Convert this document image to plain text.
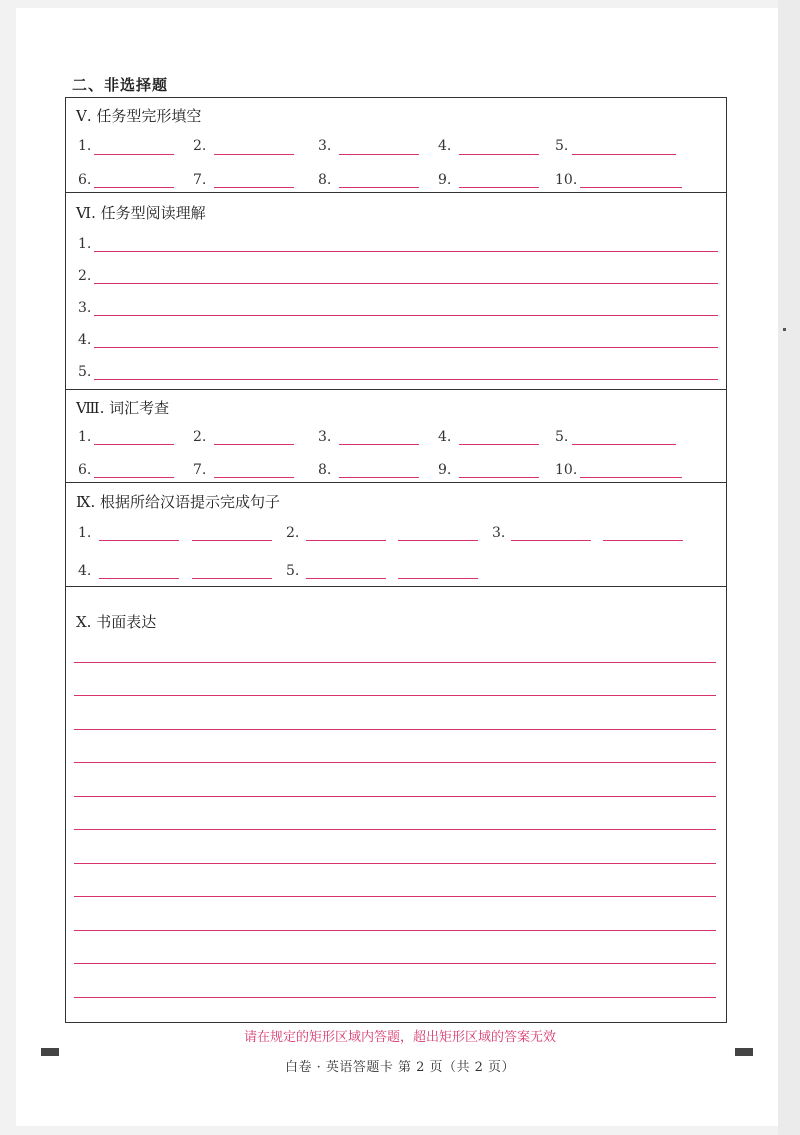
二、非选择题
Ⅴ. 任务型完形填空
1.	2.	3.	4.	5.
6.	7.	8.	9.	10.
Ⅵ. 任务型阅读理解
1.
2.
3.
4.
5.
Ⅷ. 词汇考查
1.	2.	3.	4.	5.
6.	7.	8.	9.	10.
Ⅸ. 根据所给汉语提示完成句子
1.	2.	3.
4.	5.
Ⅹ. 书面表达
请在规定的矩形区域内答题，超出矩形区域的答案无效
白卷 · 英语答题卡 第 2 页（共 2 页）
